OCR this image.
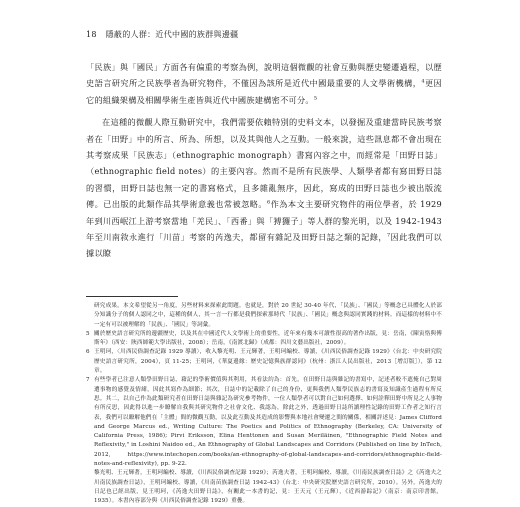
18 隱蔽的人群：近代中國的族群與邊疆

「民族」與「國民」方面各有偏重的考察為例，說明這個微觀的社會互動與歷史變遷過程，以歷史語言研究所之民族學者為研究物件，不僅因為該所是近代中國最重要的人文學術機構，$^4$更因它的組織架構及相關學術生產皆與近代中國族建構密不可分。$^5$

在這種的微觀人際互動研究中，我們需要依賴特別的史料文本，以發掘及重建當時民族考察者在「田野」中的所言、所為、所想，以及其與他人之互動。一般來說，這些訊息都不會出現在其考察成果「民族志」（ethnographic monograph）書寫內容之中，而經常是「田野日誌」（ethnographic field notes）的主要內容。然而不是所有民族學、人類學者都有寫田野日誌的習慣，田野日誌也無一定的書寫格式，且多雜亂無序，因此，寫成的田野日誌也少被出版流傳。已出版的此類作品其學術意義也常被忽略。$^6$作為本文主要研究物件的兩位學者，於 1929 年到川西岷江上游考察當地「羌民」、「西番」與「猼玀子」等人群的黎光明，以及 1942-1943 年至川南敘永進行「川苗」考察的芮逸夫，都留有雜記及田野日誌之類的記錄，$^7$因此我們可以據以瞭

研究成果，本文希望從另一角度，另些材料來探索此問題。也就是，對於 20 世紀 30-40 年代，「民族」、「國民」等概念已具體化人於部分知識分子的個人認同之中，這種的個人，其一言一行都是我們探索那時代「民族」、「國民」概念與認同實踐的材料。而這樣的材料中不一定有可以被理解的「民族」、「國民」等詞彙。

5 關於歷史語言研究所的邊疆歷史，以及其在中國近代人文學術上的重要性，近年來有幾本可讀性很高的著作出版，見：岳南，《陳寅恪與傅斯年》（西安：陝西師範大學出版社，2008）；岳南，《南渡北歸》（成都：四川文藝出版社，2009）。

6 王明珂，〈川西民俗調查記錄 1929 導讀〉，收入黎光明、王元輝著，王明珂編校、導讀，《川西民俗調查記錄 1929》（台北：中央研究院歷史語言研究所，2004），頁 11-25；王明珂，《華夏邊緣：歷史記憶與族群認同》（杭州：浙江人民出版社，2013［增訂版］），第 12 章。

7 有些學者已注意人類學田野日誌，藉記的學術價值與其利用，其看法約為：首先，在田野日誌與雜記的書寫中，記述者較不遮掩自己對周遭事物的感覺及情緒，因此其寫作為細節；其次，日誌中的記載除了自己的身份，更與我們人類學民族志的書寫及知識產生過程有所反思。其二，以自己作為此類研究者在田野日誌與雜記為研究參考物件，一位人類學者可以對自己如何選擇、如何詮釋田野中所見之人事物有所反思，因此得以進一步瞭解自我與其研究物件之社會文化、我認為，除此之外，透過田野日誌所讀理性記錄的田野工作者之知行言表，我們可以瞭解他們在「主體」間的微觀互動，以及此互動及其造成的影響與本地社會變遷之間的關係，相關評述見：James Clifford and George Marcus ed., Writing Culture: The Poetics and Politics of Ethnography (Berkeley, CA: University of California Press, 1986); Pirvi Eriksson, Elina Henttonen and Susan Meriläinen, "Ethnographic Field Notes and Reflexivity," in Loshini Naidoo ed., An Ethnography of Global Landscapes and Corridors (Published on line by InTech, 2012, https://www.intechopen.com/books/an-ethnography-of-global-landscapes-and-corridors/ethnographic-field-notes-and-reflexivity), pp. 9-22.

黎光明、王元輝著，王明珂編校、導讀，《川西民俗調查記錄 1929》；芮逸夫著，王明珂編校、導讀，《川南民族調查日誌》之《芮逸夫之川南民族調查日誌》，王明珂編校、導讀，《川南苗族調查日誌 1942-43》（台北：中央研究院歷史語言研究所，2010）。另外，芮逸夫的日記也已經出版，見王明珂，《芮逸夫田野日誌》，有關此一本書的記，見：王天元（王元輝），《近西游踪記》（南京：南京印書館，1935）。本書內容部分與《川西民俗調查記錄 1929》重疊。
